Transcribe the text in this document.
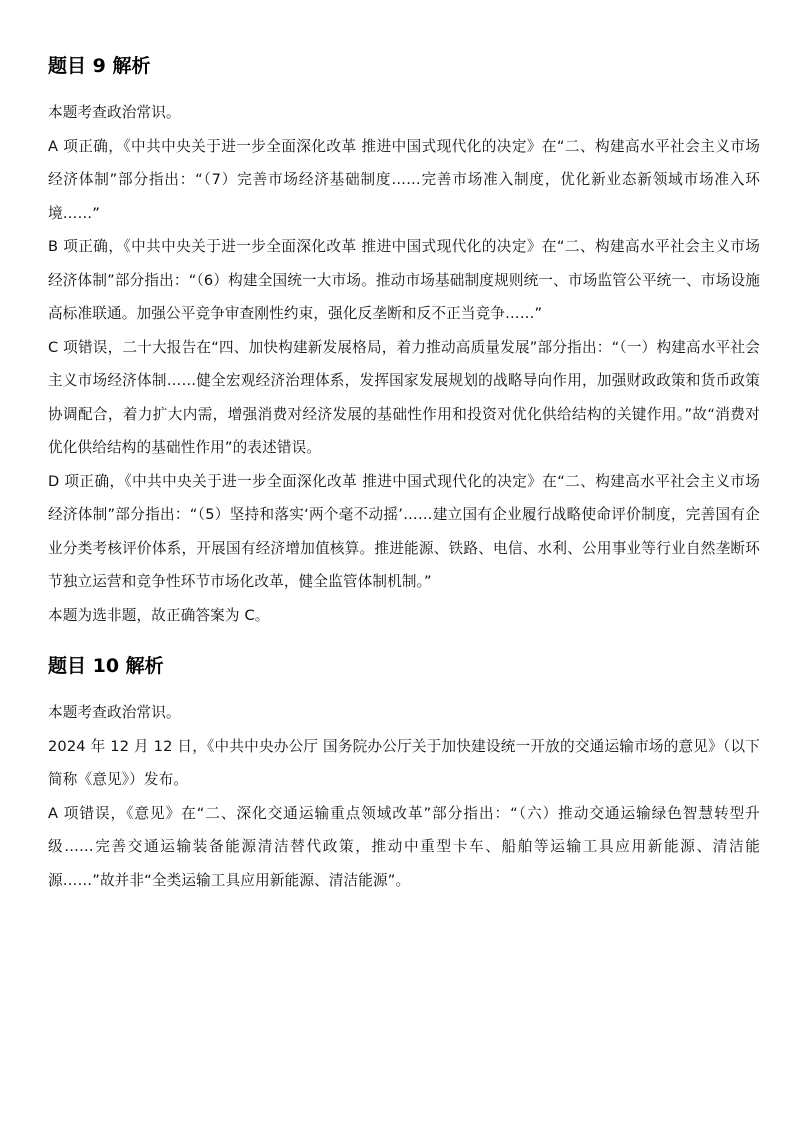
题目 9 解析

本题考查政治常识。

A 项正确，《中共中央关于进一步全面深化改革 推进中国式现代化的决定》在“二、构建高水平社会主义市场经济体制”部分指出：“（7）完善市场经济基础制度……完善市场准入制度，优化新业态新领域市场准入环境……”

B 项正确，《中共中央关于进一步全面深化改革 推进中国式现代化的决定》在“二、构建高水平社会主义市场经济体制”部分指出：“（6）构建全国统一大市场。推动市场基础制度规则统一、市场监管公平统一、市场设施高标准联通。加强公平竞争审查刚性约束，强化反垄断和反不正当竞争……”

C 项错误，二十大报告在“四、加快构建新发展格局，着力推动高质量发展”部分指出：“（一）构建高水平社会主义市场经济体制……健全宏观经济治理体系，发挥国家发展规划的战略导向作用，加强财政政策和货币政策协调配合，着力扩大内需，增强消费对经济发展的基础性作用和投资对优化供给结构的关键作用。”故“消费对优化供给结构的基础性作用”的表述错误。

D 项正确，《中共中央关于进一步全面深化改革 推进中国式现代化的决定》在“二、构建高水平社会主义市场经济体制”部分指出：“（5）坚持和落实‘两个毫不动摇’……建立国有企业履行战略使命评价制度，完善国有企业分类考核评价体系，开展国有经济增加值核算。推进能源、铁路、电信、水利、公用事业等行业自然垄断环节独立运营和竞争性环节市场化改革，健全监管体制机制。”

本题为选非题，故正确答案为 C。

题目 10 解析

本题考查政治常识。

2024 年 12 月 12 日，《中共中央办公厅 国务院办公厅关于加快建设统一开放的交通运输市场的意见》（以下简称《意见》）发布。

A 项错误，《意见》在“二、深化交通运输重点领域改革”部分指出：“（六）推动交通运输绿色智慧转型升级……完善交通运输装备能源清洁替代政策，推动中重型卡车、船舶等运输工具应用新能源、清洁能源……”故并非“全类运输工具应用新能源、清洁能源”。
